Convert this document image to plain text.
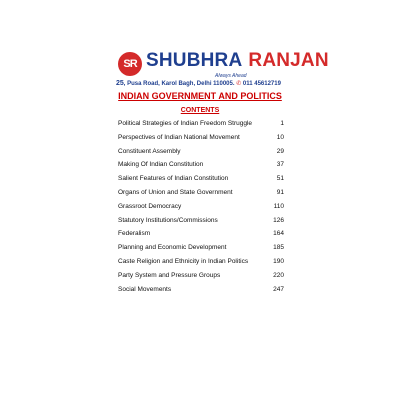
SR SHUBHRA RANJAN
Always Ahead
25, Pusa Road, Karol Bagh, Delhi 110005. ✆ 011 45612719
INDIAN GOVERNMENT AND POLITICS
CONTENTS
Political Strategies of Indian Freedom Struggle	1
Perspectives of Indian National Movement	10
Constituent Assembly	29
Making Of Indian Constitution	37
Salient Features of Indian Constitution	51
Organs of Union and State Government	91
Grassroot Democracy	110
Statutory Institutions/Commissions	126
Federalism	164
Planning and Economic Development	185
Caste Religion and Ethnicity in Indian Politics	190
Party System and Pressure Groups	220
Social Movements	247
